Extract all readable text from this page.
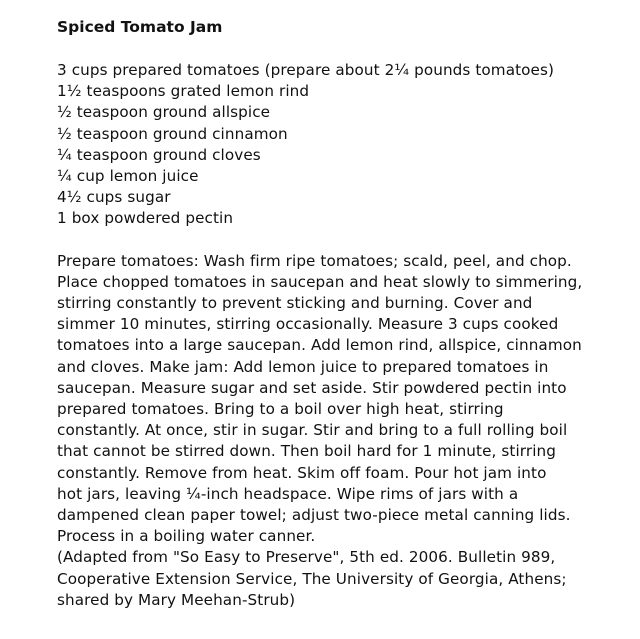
Spiced Tomato Jam
3 cups prepared tomatoes (prepare about 2¼ pounds tomatoes)
1½ teaspoons grated lemon rind
½ teaspoon ground allspice
½ teaspoon ground cinnamon
¼ teaspoon ground cloves
¼ cup lemon juice
4½ cups sugar
1 box powdered pectin

Prepare tomatoes: Wash firm ripe tomatoes; scald, peel, and chop.
Place chopped tomatoes in saucepan and heat slowly to simmering,
stirring constantly to prevent sticking and burning. Cover and
simmer 10 minutes, stirring occasionally. Measure 3 cups cooked
tomatoes into a large saucepan. Add lemon rind, allspice, cinnamon
and cloves. Make jam: Add lemon juice to prepared tomatoes in
saucepan. Measure sugar and set aside. Stir powdered pectin into
prepared tomatoes. Bring to a boil over high heat, stirring
constantly. At once, stir in sugar. Stir and bring to a full rolling boil
that cannot be stirred down. Then boil hard for 1 minute, stirring
constantly. Remove from heat. Skim off foam. Pour hot jam into
hot jars, leaving ¼-inch headspace. Wipe rims of jars with a
dampened clean paper towel; adjust two-piece metal canning lids.
Process in a boiling water canner.

(Adapted from "So Easy to Preserve", 5th ed. 2006. Bulletin 989,
Cooperative Extension Service, The University of Georgia, Athens;
shared by Mary Meehan-Strub)
